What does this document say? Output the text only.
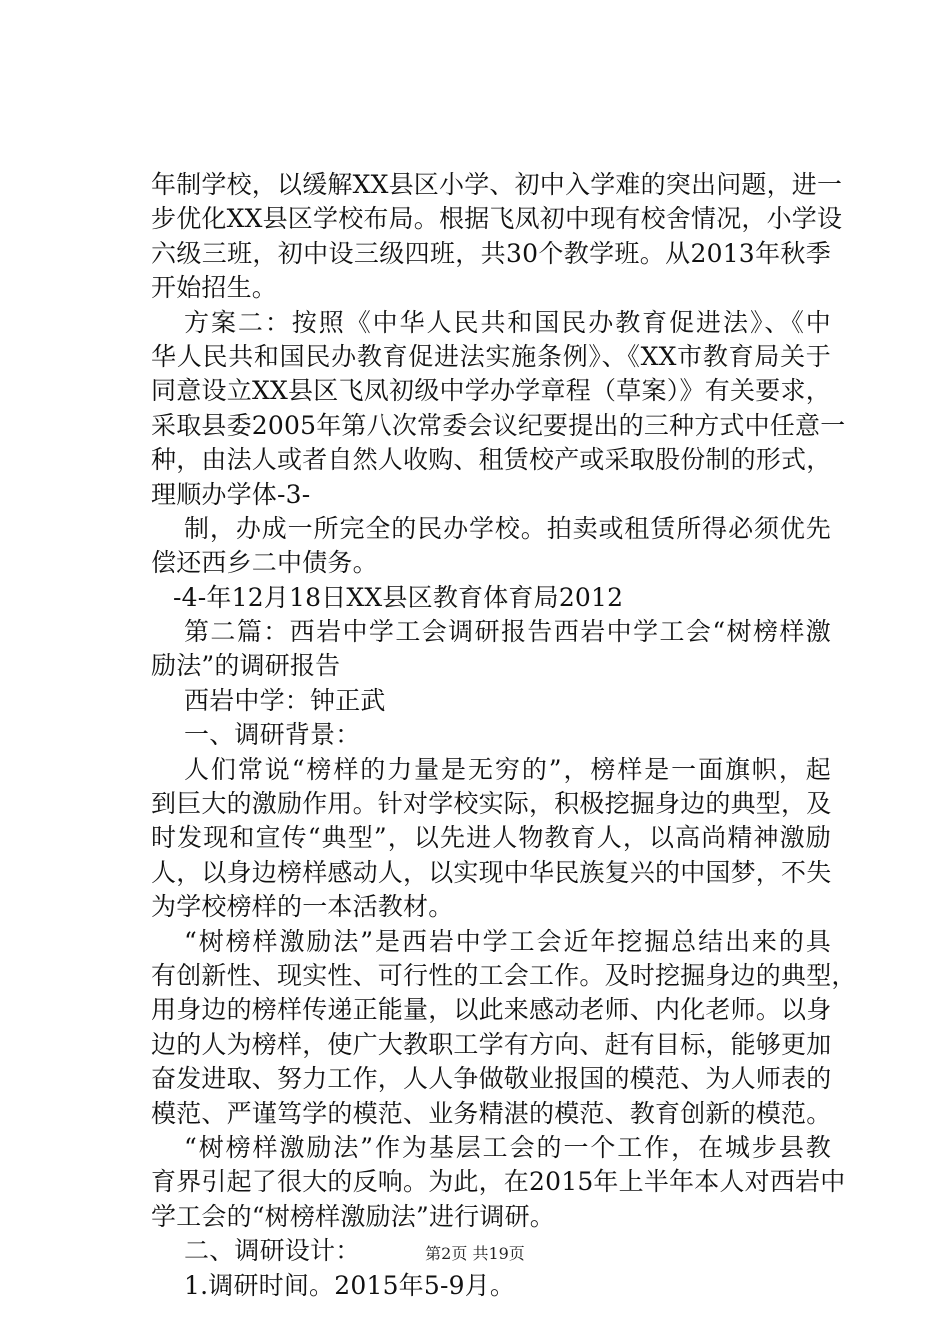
年制学校，以缓解XX县区小学、初中入学难的突出问题，进一
步优化XX县区学校布局。根据飞凤初中现有校舍情况，小学设
六级三班，初中设三级四班，共30个教学班。从2013年秋季
开始招生。
方案二：按照《中华人民共和国民办教育促进法》、《中
华人民共和国民办教育促进法实施条例》、《XX市教育局关于
同意设立XX县区飞凤初级中学办学章程（草案）》有关要求，
采取县委2005年第八次常委会议纪要提出的三种方式中任意一
种，由法人或者自然人收购、租赁校产或采取股份制的形式，
理顺办学体-3-
制，办成一所完全的民办学校。拍卖或租赁所得必须优先
偿还西乡二中债务。
-4-年12月18日XX县区教育体育局2012
第二篇：西岩中学工会调研报告西岩中学工会“树榜样激
励法”的调研报告
西岩中学：钟正武
一、调研背景：
人们常说“榜样的力量是无穷的”，榜样是一面旗帜，起
到巨大的激励作用。针对学校实际，积极挖掘身边的典型，及
时发现和宣传“典型”，以先进人物教育人，以高尚精神激励
人，以身边榜样感动人，以实现中华民族复兴的中国梦，不失
为学校榜样的一本活教材。
“树榜样激励法”是西岩中学工会近年挖掘总结出来的具
有创新性、现实性、可行性的工会工作。及时挖掘身边的典型，
用身边的榜样传递正能量，以此来感动老师、内化老师。以身
边的人为榜样，使广大教职工学有方向、赶有目标，能够更加
奋发进取、努力工作，人人争做敬业报国的模范、为人师表的
模范、严谨笃学的模范、业务精湛的模范、教育创新的模范。
“树榜样激励法”作为基层工会的一个工作，在城步县教
育界引起了很大的反响。为此，在2015年上半年本人对西岩中
学工会的“树榜样激励法”进行调研。
二、调研设计：
1.调研时间。2015年5-9月。
第2页 共19页
